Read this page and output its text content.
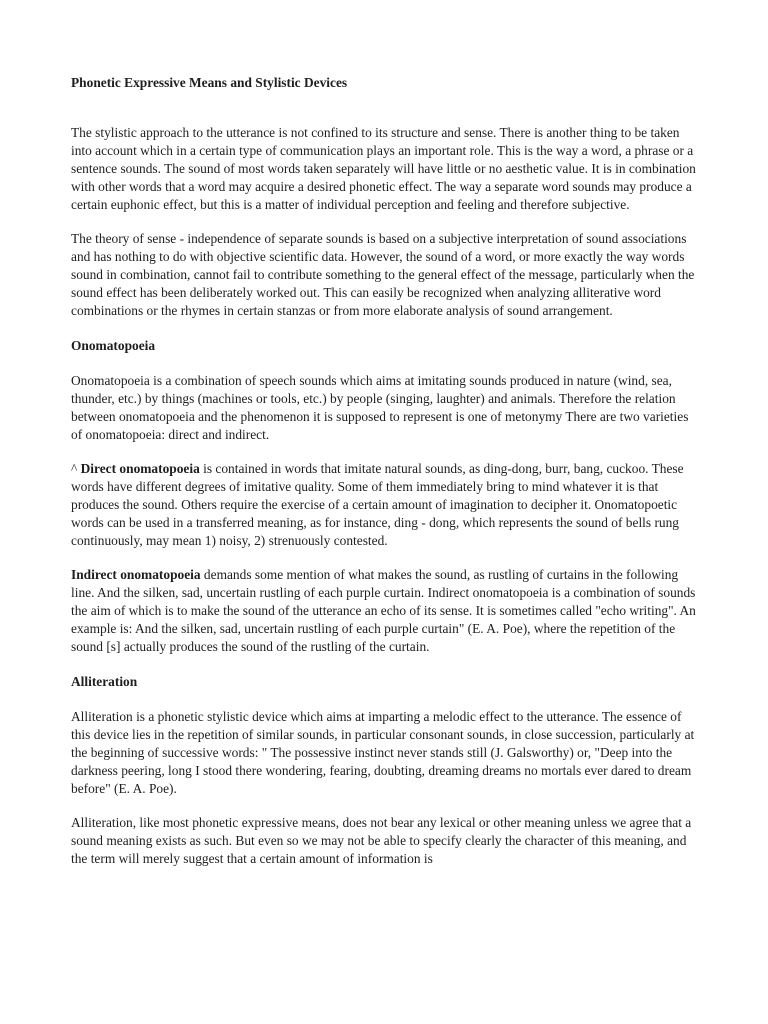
Phonetic Expressive Means and Stylistic Devices

The stylistic approach to the utterance is not confined to its structure and sense. There is another thing to be taken into account which in a certain type of communication plays an important role. This is the way a word, a phrase or a sentence sounds. The sound of most words taken separately will have little or no aesthetic value. It is in combination with other words that a word may acquire a desired phonetic effect. The way a separate word sounds may produce a certain euphonic effect, but this is a matter of individual perception and feeling and therefore subjective.

The theory of sense - independence of separate sounds is based on a subjective interpretation of sound associations and has nothing to do with objective scientific data. However, the sound of a word, or more exactly the way words sound in combination, cannot fail to contribute something to the general effect of the message, particularly when the sound effect has been deliberately worked out. This can easily be recognized when analyzing alliterative word combinations or the rhymes in certain stanzas or from more elaborate analysis of sound arrangement.

Onomatopoeia

Onomatopoeia is a combination of speech sounds which aims at imitating sounds produced in nature (wind, sea, thunder, etc.) by things (machines or tools, etc.) by people (singing, laughter) and animals. Therefore the relation between onomatopoeia and the phenomenon it is supposed to represent is one of metonymy There are two varieties of onomatopoeia: direct and indirect.

^ Direct onomatopoeia is contained in words that imitate natural sounds, as ding-dong, burr, bang, cuckoo. These words have different degrees of imitative quality. Some of them immediately bring to mind whatever it is that produces the sound. Others require the exercise of a certain amount of imagination to decipher it. Onomatopoetic words can be used in a transferred meaning, as for instance, ding - dong, which represents the sound of bells rung continuously, may mean 1) noisy, 2) strenuously contested.

Indirect onomatopoeia demands some mention of what makes the sound, as rustling of curtains in the following line. And the silken, sad, uncertain rustling of each purple curtain. Indirect onomatopoeia is a combination of sounds the aim of which is to make the sound of the utterance an echo of its sense. It is sometimes called "echo writing". An example is: And the silken, sad, uncertain rustling of each purple curtain" (E. A. Poe), where the repetition of the sound [s] actually produces the sound of the rustling of the curtain.

Alliteration

Alliteration is a phonetic stylistic device which aims at imparting a melodic effect to the utterance. The essence of this device lies in the repetition of similar sounds, in particular consonant sounds, in close succession, particularly at the beginning of successive words: " The possessive instinct never stands still (J. Galsworthy) or, "Deep into the darkness peering, long I stood there wondering, fearing, doubting, dreaming dreams no mortals ever dared to dream before" (E. A. Poe).

Alliteration, like most phonetic expressive means, does not bear any lexical or other meaning unless we agree that a sound meaning exists as such. But even so we may not be able to specify clearly the character of this meaning, and the term will merely suggest that a certain amount of information is
